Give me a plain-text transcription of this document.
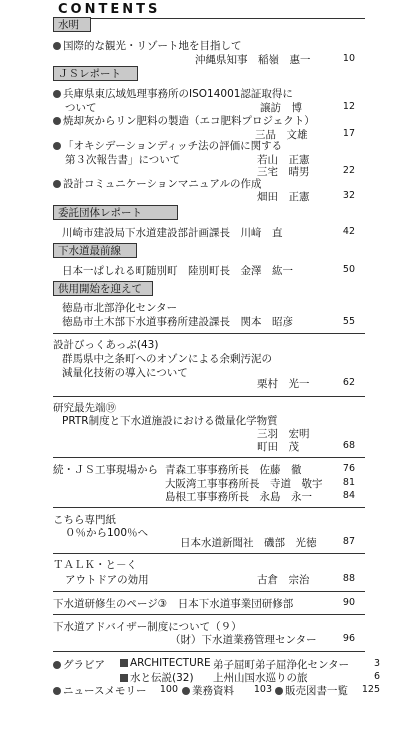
CONTENTS
水明
国際的な観光・リゾート地を目指して
沖縄県知事　稲嶺　惠一	10
ＪＳレポート
兵庫県東広域処理事務所のISO14001認証取得に
ついて	譲訪　博	12
焼却灰からリン肥料の製造（エコ肥料プロジェクト）
三品　文雄	17
「オキシデーションディッチ法の評価に関する
第３次報告書」について	若山　正憲
三宅　晴男	22
設計コミュニケーションマニュアルの作成
畑田　正憲	32
委託団体レポート
川崎市建設局下水道建設部計画課長　川﨑　直	42
下水道最前線
日本一ぱしれる町随別町　陸別町長　金澤　紘一	50
供用開始を迎えて
徳島市北部浄化センター
徳島市土木部下水道事務所建設課長　関本　昭彦	55
設計びっくあっぷ(43)
群馬県中之条町へのオゾンによる余剰汚泥の
減量化技術の導入について
栗村　光一	62
研究最先端⑲
PRTR制度と下水道施設における微量化学物質
三羽　宏明
町田　茂	68
続・ＪＳ工事現場から 青森工事事務所長　佐藤　徹	76
大阪湾工事事務所長　寺道　敬宇	81
島根工事事務所長　永島　永一	84
こちら専門紙
０％から100％へ
日本水道新聞社　磯部　光徳	87
ＴＡＬＫ・と－く
アウトドアの効用	古倉　宗治	88
下水道研修生のページ③　日本下水道事業団研修部	90
下水道アドバイザー制度について（９）
（財）下水道業務管理センター	96
グラビア	ARCHITECTURE 弟子屈町弟子屈浄化センター	3
水と伝説(32) 上州山国水巡りの旅	6
ニュースメモリー	100	業務資料	103	販売図書一覧	125
